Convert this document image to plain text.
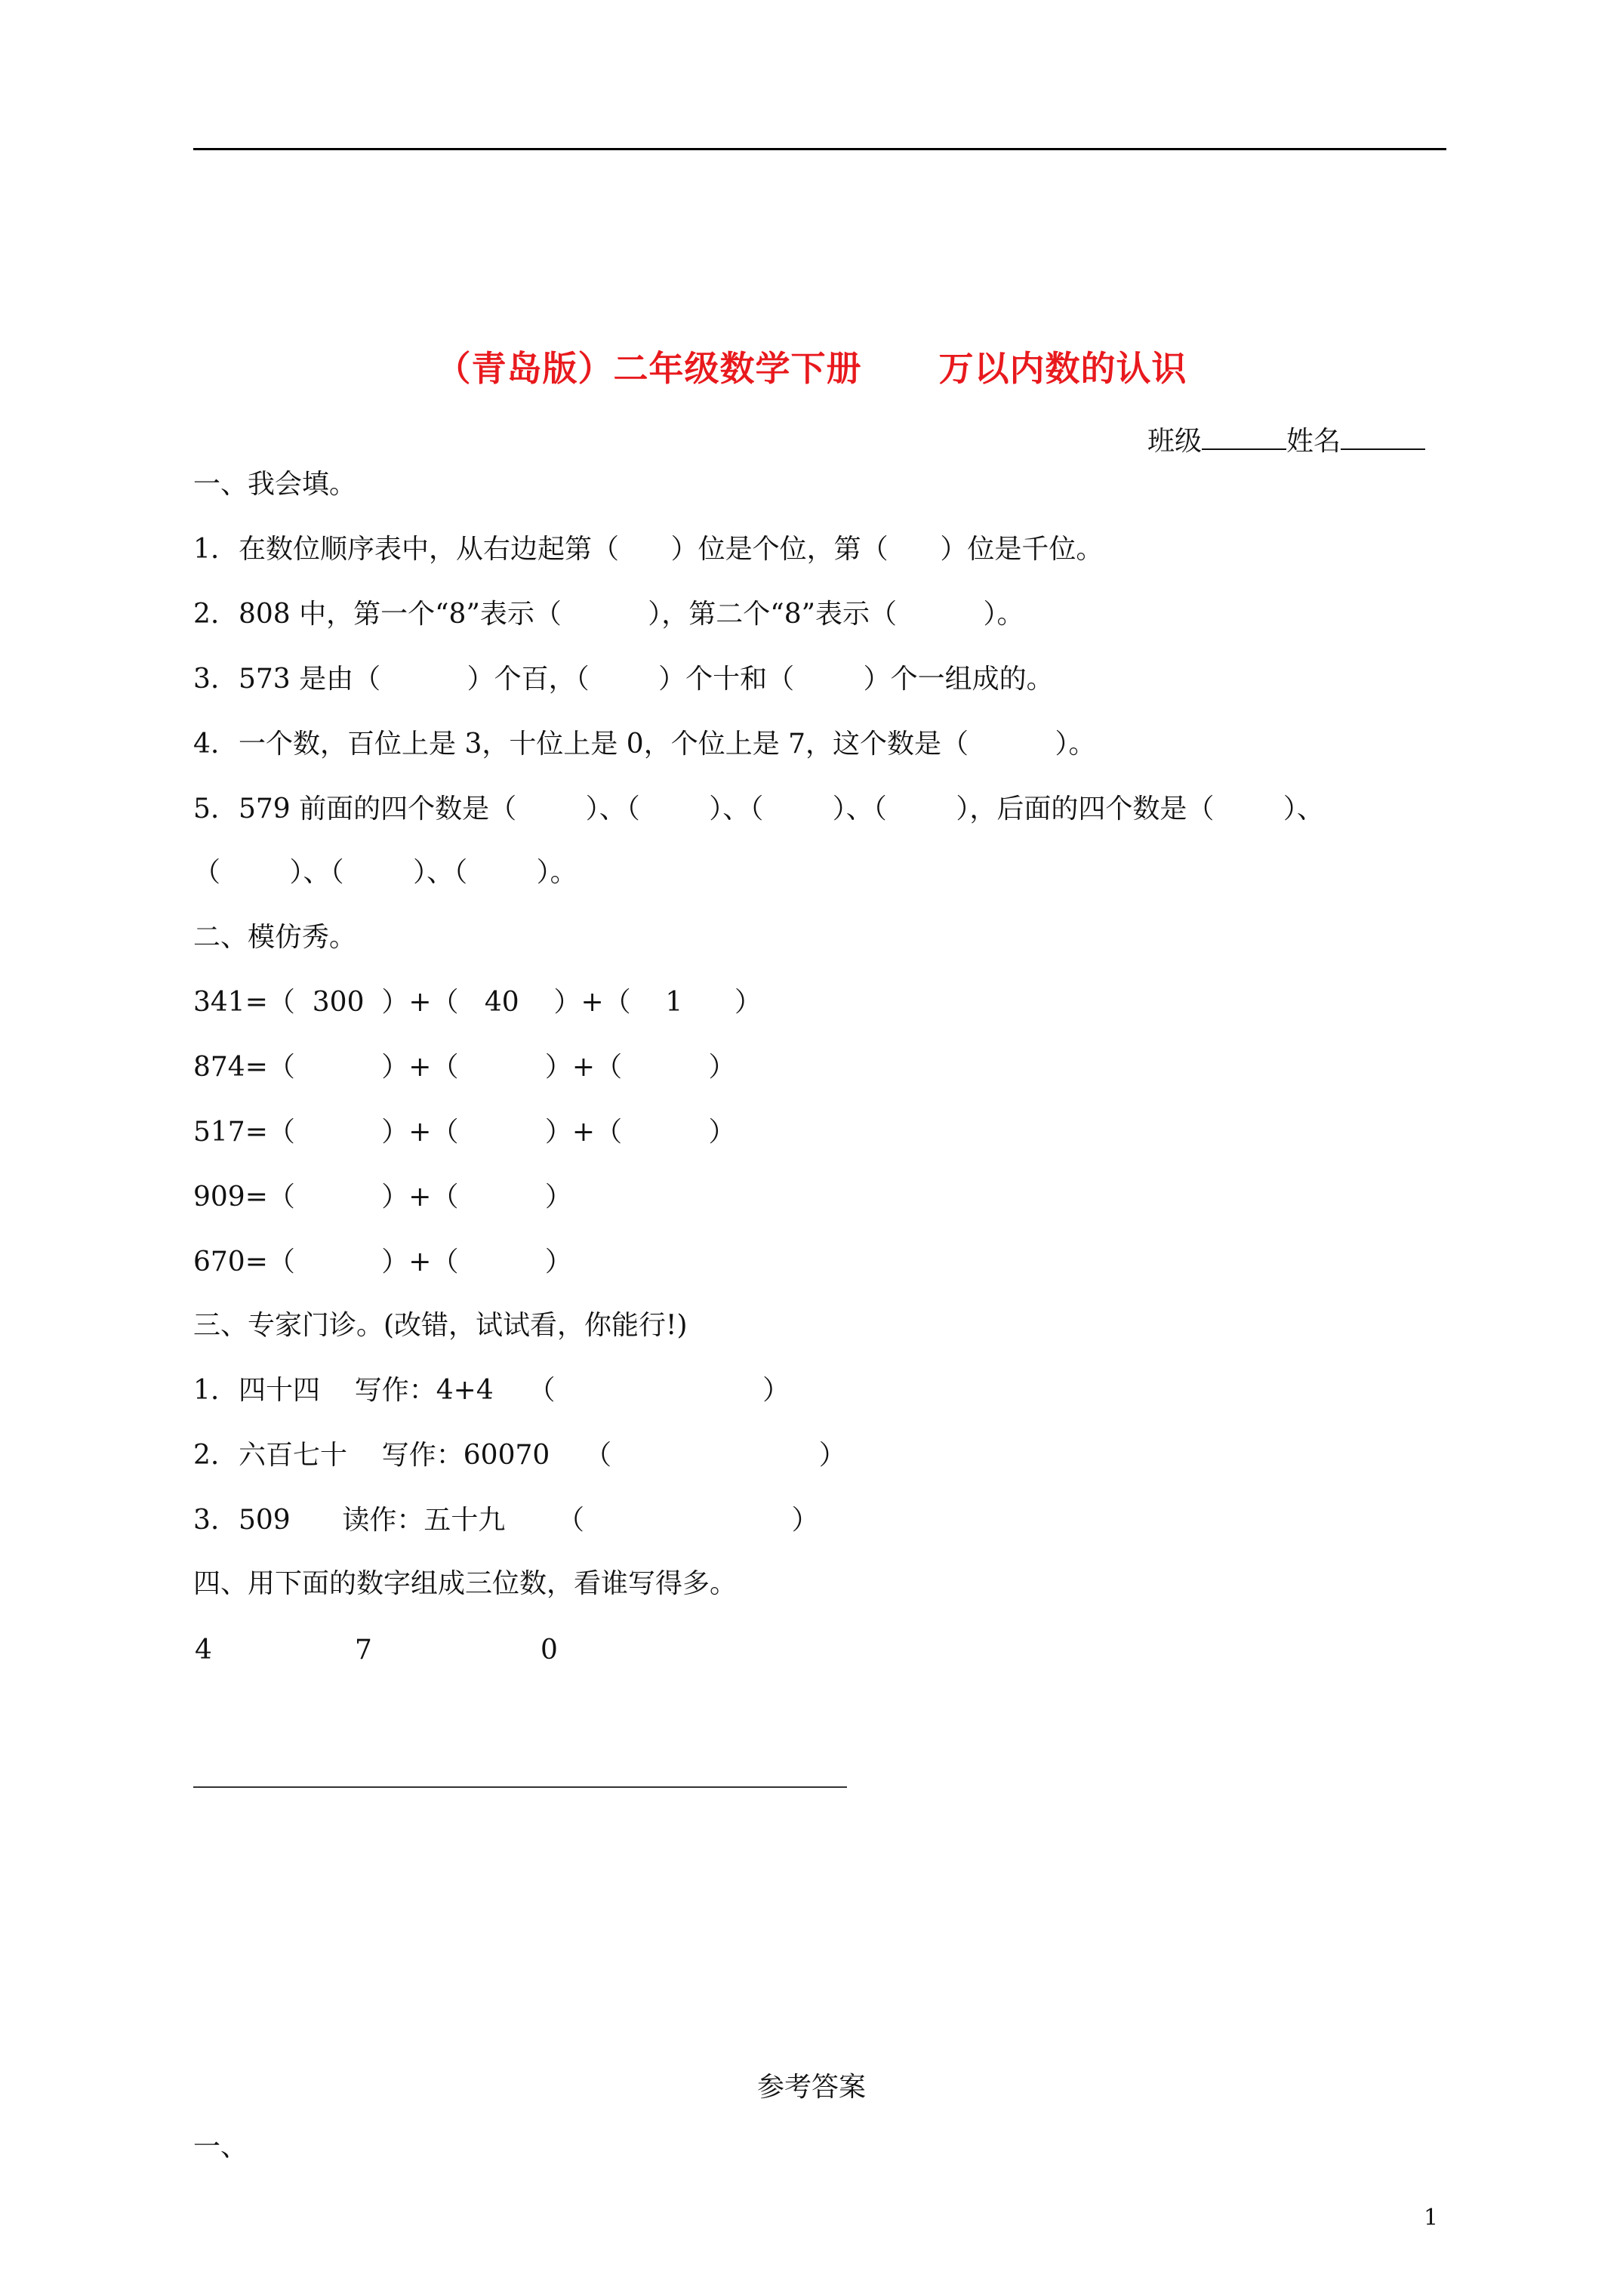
（青岛版）二年级数学下册      万以内数的认识
班级	姓名
一、我会填。
1. 在数位顺序表中，从右边起第（      ）位是个位，第（      ）位是千位。
2. 808 中，第一个“8”表示（          ），第二个“8”表示（          ）。
3. 573 是由（          ）个百，（        ）个十和（        ）个一组成的。
4. 一个数，百位上是 3，十位上是 0，个位上是 7，这个数是（          ）。
5. 579 前面的四个数是（        ）、（        ）、（        ）、（        ），后面的四个数是（        ）、
（        ）、（        ）、（        ）。
二、模仿秀。
341=（  300  ）+（   40    ）+（    1      ）
874=（          ）+（          ）+（          ）
517=（          ）+（          ）+（          ）
909=（          ）+（          ）
670=（          ）+（          ）
三、专家门诊。(改错，试试看，你能行!)
1. 四十四    写作：4+4    （                        ）
2. 六百七十    写作：60070    （                        ）
3. 509      读作：五十九      （                        ）
四、用下面的数字组成三位数，看谁写得多。
4	7	0
参考答案
一、
1
